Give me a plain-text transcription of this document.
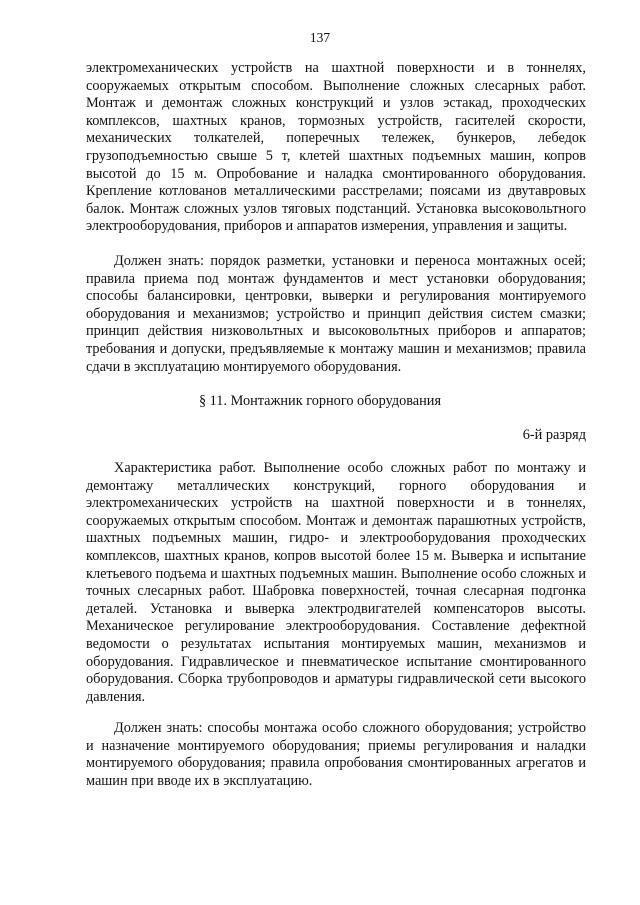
137

электромеханических устройств на шахтной поверхности и в тоннелях, сооружаемых открытым способом. Выполнение сложных слесарных работ. Монтаж и демонтаж сложных конструкций и узлов эстакад, проходческих комплексов, шахтных кранов, тормозных устройств, гасителей скорости, механических толкателей, поперечных тележек, бункеров, лебедок грузоподъемностью свыше 5 т, клетей шахтных подъемных машин, копров высотой до 15 м. Опробование и наладка смонтированного оборудования. Крепление котлованов металлическими расстрелами; поясами из двутавровых балок. Монтаж сложных узлов тяговых подстанций. Установка высоковольтного электрооборудования, приборов и аппаратов измерения, управления и защиты.

Должен знать: порядок разметки, установки и переноса монтажных осей; правила приема под монтаж фундаментов и мест установки оборудования; способы балансировки, центровки, выверки и регулирования монтируемого оборудования и механизмов; устройство и принцип действия систем смазки; принцип действия низковольтных и высоковольтных приборов и аппаратов; требования и допуски, предъявляемые к монтажу машин и механизмов; правила сдачи в эксплуатацию монтируемого оборудования.

§ 11. Монтажник горного оборудования
6-й разряд

Характеристика работ. Выполнение особо сложных работ по монтажу и демонтажу металлических конструкций, горного оборудования и электромеханических устройств на шахтной поверхности и в тоннелях, сооружаемых открытым способом. Монтаж и демонтаж парашютных устройств, шахтных подъемных машин, гидро- и электрооборудования проходческих комплексов, шахтных кранов, копров высотой более 15 м. Выверка и испытание клетьевого подъема и шахтных подъемных машин. Выполнение особо сложных и точных слесарных работ. Шабровка поверхностей, точная слесарная подгонка деталей. Установка и выверка электродвигателей компенсаторов высоты. Механическое регулирование электрооборудования. Составление дефектной ведомости о результатах испытания монтируемых машин, механизмов и оборудования. Гидравлическое и пневматическое испытание смонтированного оборудования. Сборка трубопроводов и арматуры гидравлической сети высокого давления.

Должен знать: способы монтажа особо сложного оборудования; устройство и назначение монтируемого оборудования; приемы регулирования и наладки монтируемого оборудования; правила опробования смонтированных агрегатов и машин при вводе их в эксплуатацию.
